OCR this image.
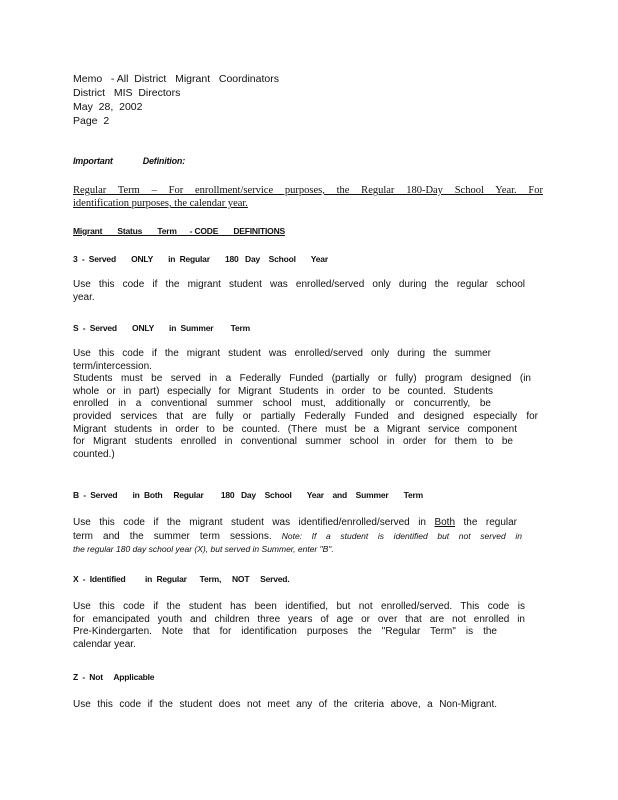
Memo   - All  District   Migrant   Coordinators
District   MIS  Directors
May  28,  2002
Page  2
Important	Definition:
Regular Term – For enrollment/service purposes, the Regular 180-Day School Year. For
identification purposes, the calendar year.
Migrant       Status       Term      - CODE       DEFINITIONS
3  -  Served       ONLY       in  Regular       180   Day    School       Year
Use this code if the migrant student was enrolled/served only during the regular school
year.
S  -  Served       ONLY       in  Summer        Term
Use this code if the migrant student was enrolled/served only during the summer
term/intercession.
Students must be served in a Federally Funded (partially or fully) program designed (in
whole or in part) especially for Migrant Students in order to be counted. Students
enrolled in a conventional summer school must, additionally or concurrently, be
provided services that are fully or partially Federally Funded and designed especially for
Migrant students in order to be counted. (There must be a Migrant service component
for Migrant students enrolled in conventional summer school in order for them to be
counted.)
B  -  Served       in  Both     Regular        180   Day    School       Year    and    Summer       Term
Use this code if the migrant student was identified/enrolled/served in Both the regular
term and the summer term sessions. Note: If a student is identified but not served in
the regular 180 day school year (X), but served in Summer, enter "B".
X  -  Identified         in  Regular      Term,     NOT     Served.
Use this code if the student has been identified, but not enrolled/served. This code is
for emancipated youth and children three years of age or over that are not enrolled in
Pre-Kindergarten. Note that for identification purposes the "Regular Term" is the
calendar year.
Z  -  Not     Applicable
Use this code if the student does not meet any of the criteria above, a Non-Migrant.
